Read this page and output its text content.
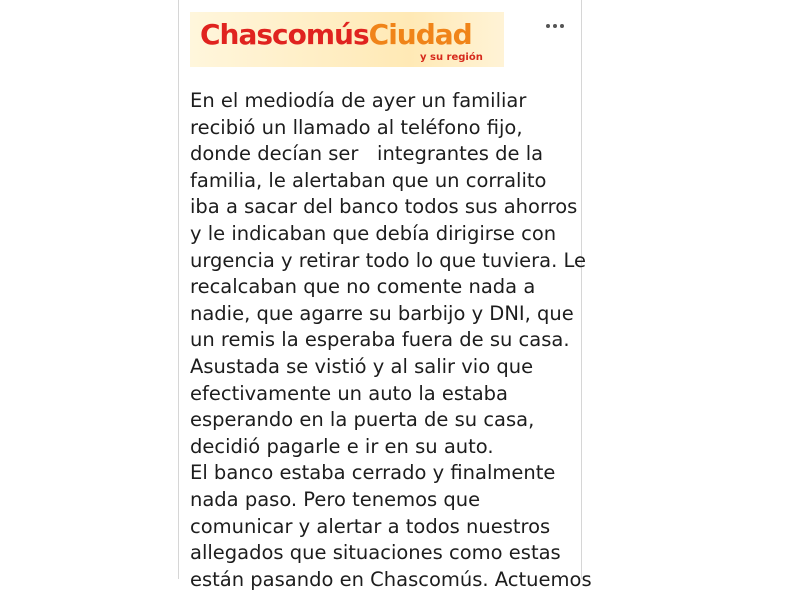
ChascomúsCiudad
y su región
En el mediodía de ayer un familiar
recibió un llamado al teléfono fijo,
donde decían ser   integrantes de la
familia, le alertaban que un corralito
iba a sacar del banco todos sus ahorros
y le indicaban que debía dirigirse con
urgencia y retirar todo lo que tuviera. Le
recalcaban que no comente nada a
nadie, que agarre su barbijo y DNI, que
un remis la esperaba fuera de su casa.
Asustada se vistió y al salir vio que
efectivamente un auto la estaba
esperando en la puerta de su casa,
decidió pagarle e ir en su auto.
El banco estaba cerrado y finalmente
nada paso. Pero tenemos que
comunicar y alertar a todos nuestros
allegados que situaciones como estas
están pasando en Chascomús. Actuemos
